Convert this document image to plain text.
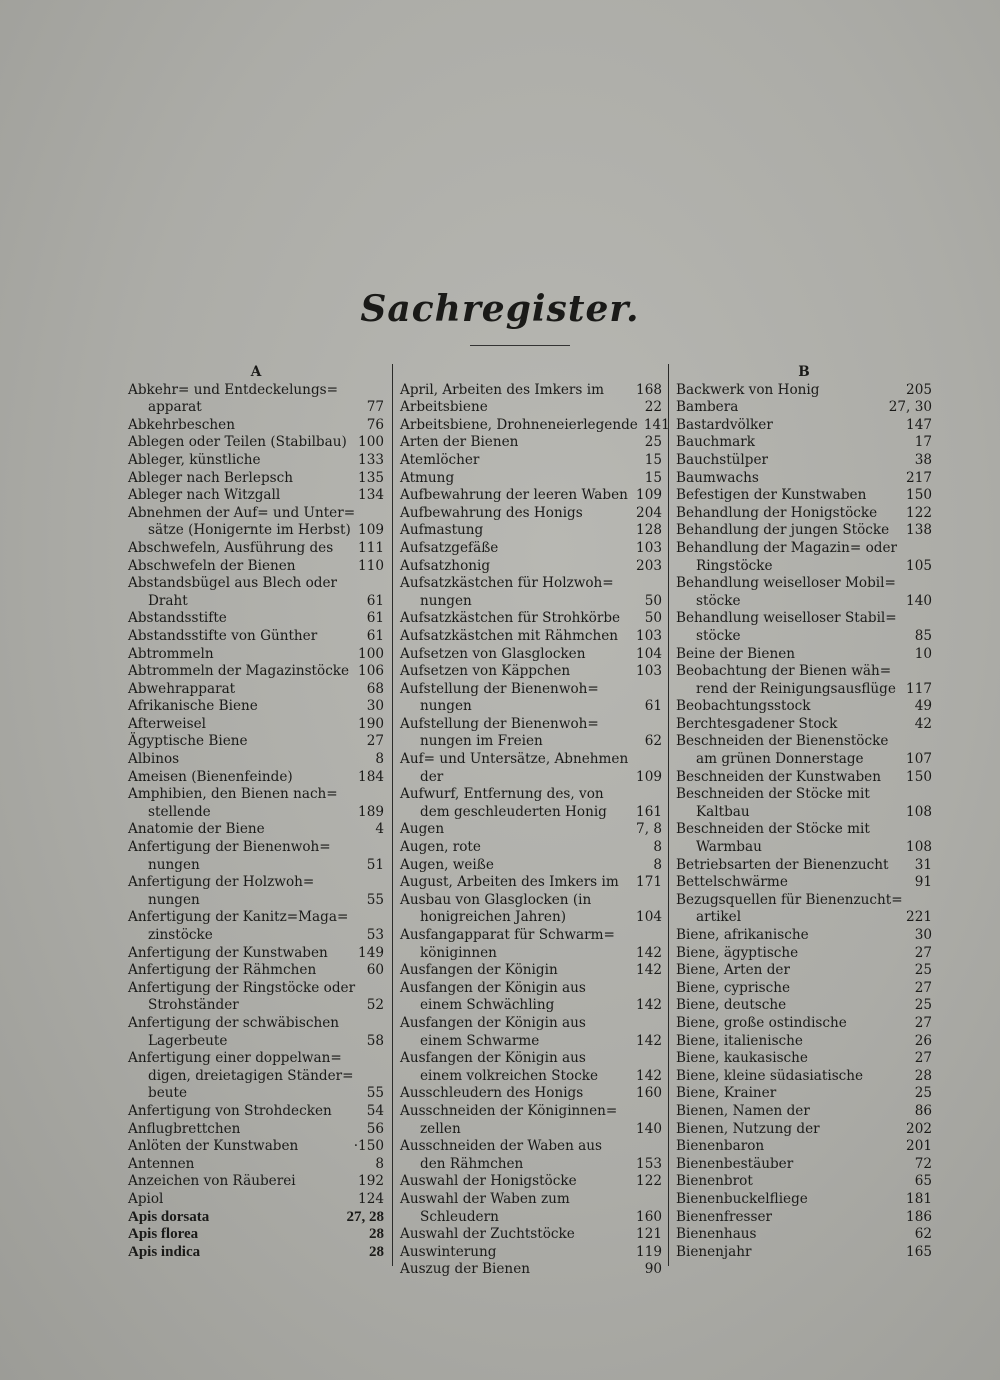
Sachregister.
A
Abkehr= und Entdeckelungs=
apparat	77
Abkehrbeschen	76
Ablegen oder Teilen (Stabilbau) 100
Ableger, künstliche	133
Ableger nach Berlepsch	135
Ableger nach Witzgall	134
Abnehmen der Auf= und Unter=
sätze (Honigernte im Herbst) 109
Abschwefeln, Ausführung des	111
Abschwefeln der Bienen	110
Abstandsbügel aus Blech oder
Draht	61
Abstandsstifte	61
Abstandsstifte von Günther	61
Abtrommeln	100
Abtrommeln der Magazinstöcke 106
Abwehrapparat	68
Afrikanische Biene	30
Afterweisel	190
Ägyptische Biene	27
Albinos	8
Ameisen (Bienenfeinde)	184
Amphibien, den Bienen nach=
stellende	189
Anatomie der Biene	4
Anfertigung der Bienenwoh=
nungen	51
Anfertigung der Holzwoh=
nungen	55
Anfertigung der Kanitz=Maga=
zinstöcke	53
Anfertigung der Kunstwaben	149
Anfertigung der Rähmchen	60
Anfertigung der Ringstöcke oder
Strohständer	52
Anfertigung der schwäbischen
Lagerbeute	58
Anfertigung einer doppelwan=
digen, dreietagigen Ständer=
beute	55
Anfertigung von Strohdecken	54
Anflugbrettchen	56
Anlöten der Kunstwaben	·150
Antennen	8
Anzeichen von Räuberei	192
Apiol	124
Apis dorsata	27, 28
Apis florea	28
Apis indica	28
April, Arbeiten des Imkers im	168
Arbeitsbiene	22
Arbeitsbiene, Drohneneierlegende 141
Arten der Bienen	25
Atemlöcher	15
Atmung	15
Aufbewahrung der leeren Waben 109
Aufbewahrung des Honigs	204
Aufmastung	128
Aufsatzgefäße	103
Aufsatzhonig	203
Aufsatzkästchen für Holzwoh=
nungen	50
Aufsatzkästchen für Strohkörbe	50
Aufsatzkästchen mit Rähmchen	103
Aufsetzen von Glasglocken	104
Aufsetzen von Käppchen	103
Aufstellung der Bienenwoh=
nungen	61
Aufstellung der Bienenwoh=
nungen im Freien	62
Auf= und Untersätze, Abnehmen
der	109
Aufwurf, Entfernung des, von
dem geschleuderten Honig	161
Augen	7, 8
Augen, rote	8
Augen, weiße	8
August, Arbeiten des Imkers im	171
Ausbau von Glasglocken (in
honigreichen Jahren)	104
Ausfangapparat für Schwarm=
königinnen	142
Ausfangen der Königin	142
Ausfangen der Königin aus
einem Schwächling	142
Ausfangen der Königin aus
einem Schwarme	142
Ausfangen der Königin aus
einem volkreichen Stocke	142
Ausschleudern des Honigs	160
Ausschneiden der Königinnen=
zellen	140
Ausschneiden der Waben aus
den Rähmchen	153
Auswahl der Honigstöcke	122
Auswahl der Waben zum
Schleudern	160
Auswahl der Zuchtstöcke	121
Auswinterung	119
Auszug der Bienen	90
B
Backwerk von Honig	205
Bambera	27, 30
Bastardvölker	147
Bauchmark	17
Bauchstülper	38
Baumwachs	217
Befestigen der Kunstwaben	150
Behandlung der Honigstöcke	122
Behandlung der jungen Stöcke	138
Behandlung der Magazin= oder
Ringstöcke	105
Behandlung weiselloser Mobil=
stöcke	140
Behandlung weiselloser Stabil=
stöcke	85
Beine der Bienen	10
Beobachtung der Bienen wäh=
rend der Reinigungsausflüge 117
Beobachtungsstock	49
Berchtesgadener Stock	42
Beschneiden der Bienenstöcke
am grünen Donnerstage	107
Beschneiden der Kunstwaben	150
Beschneiden der Stöcke mit
Kaltbau	108
Beschneiden der Stöcke mit
Warmbau	108
Betriebsarten der Bienenzucht	31
Bettelschwärme	91
Bezugsquellen für Bienenzucht=
artikel	221
Biene, afrikanische	30
Biene, ägyptische	27
Biene, Arten der	25
Biene, cyprische	27
Biene, deutsche	25
Biene, große ostindische	27
Biene, italienische	26
Biene, kaukasische	27
Biene, kleine südasiatische	28
Biene, Krainer	25
Bienen, Namen der	86
Bienen, Nutzung der	202
Bienenbaron	201
Bienenbestäuber	72
Bienenbrot	65
Bienenbuckelfliege	181
Bienenfresser	186
Bienenhaus	62
Bienenjahr	165
